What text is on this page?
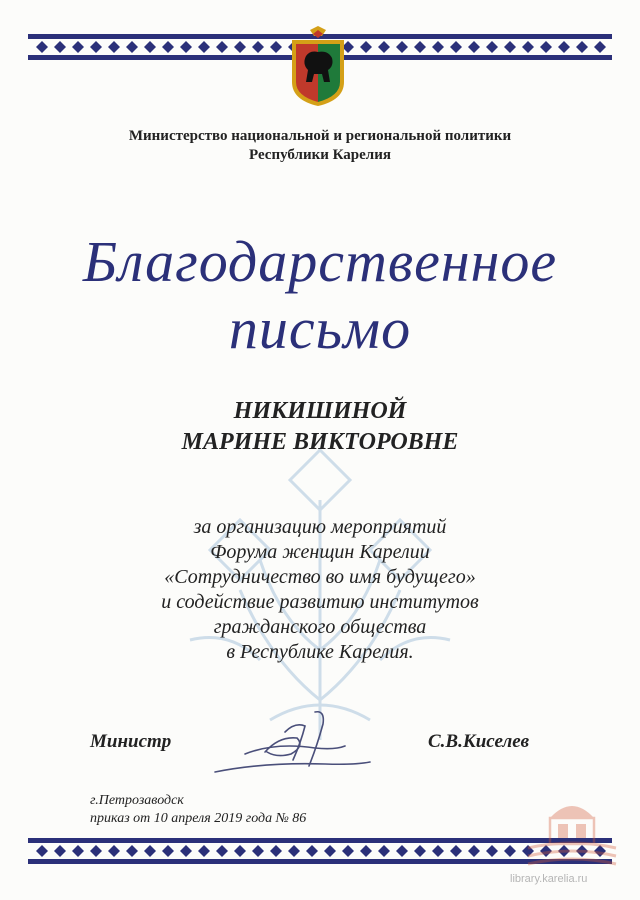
Министерство национальной и региональной политики
Республики Карелия
Благодарственное
письмо
НИКИШИНОЙ
МАРИНЕ ВИКТОРОВНЕ
за организацию мероприятий
Форума женщин Карелии
«Сотрудничество во имя будущего»
и содействие развитию институтов
гражданского общества
в Республике Карелия.
Министр	С.В.Киселев
г.Петрозаводск
приказ от 10 апреля 2019 года № 86
library.karelia.ru
